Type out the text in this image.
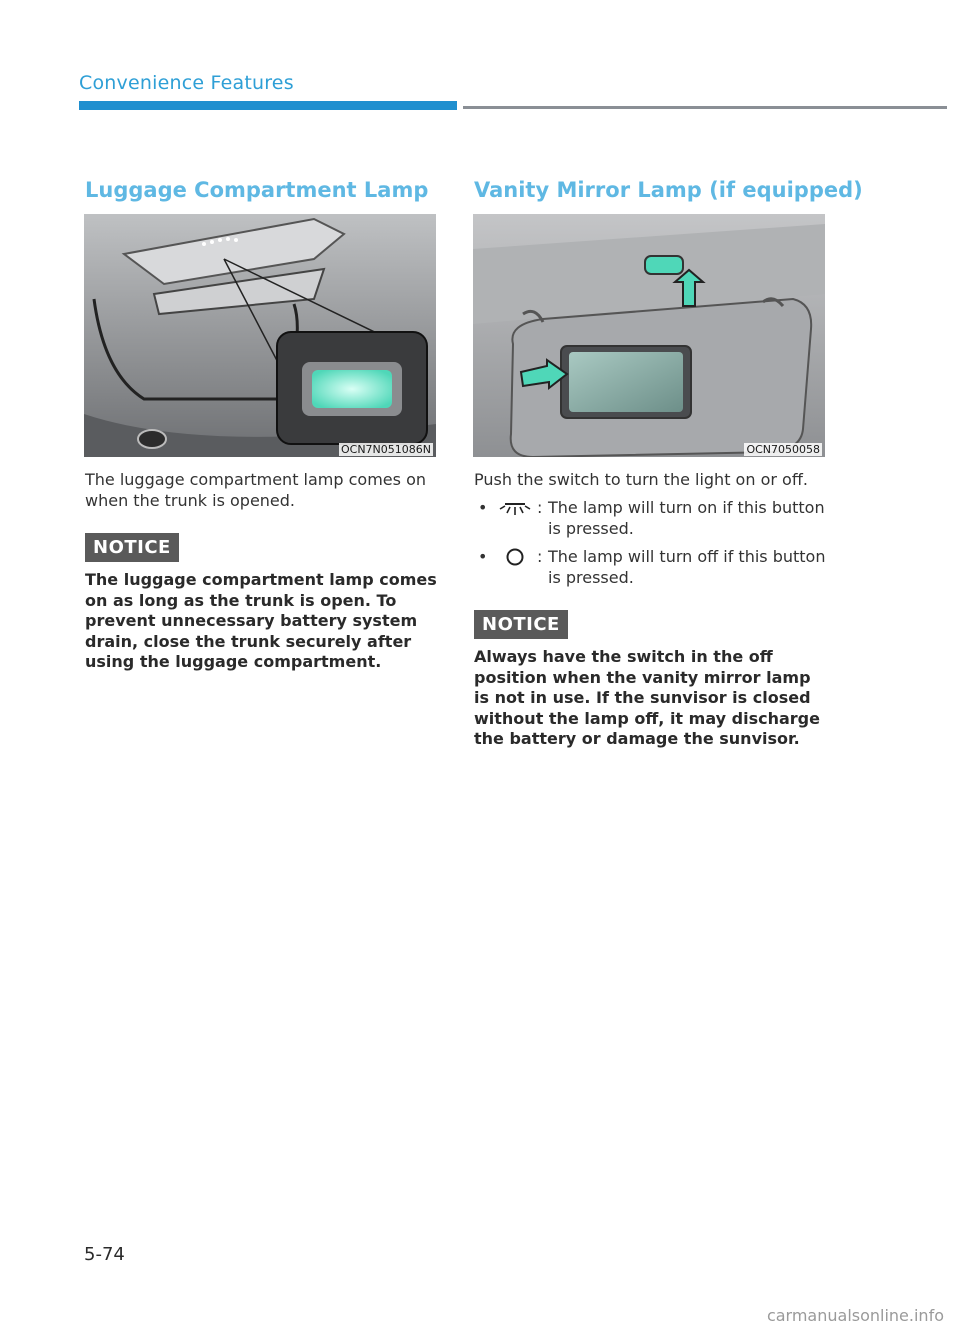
Convenience Features
Luggage Compartment Lamp
OCN7N051086N
The luggage compartment lamp comes on when the trunk is opened.
NOTICE
The luggage compartment lamp comes on as long as the trunk is open. To prevent unnecessary battery system drain, close the trunk securely after using the luggage compartment.
Vanity Mirror Lamp (if equipped)
OCN7050058
Push the switch to turn the light on or off.
•	: The lamp will turn on if this button is pressed.
•	: The lamp will turn off if this button is pressed.
NOTICE
Always have the switch in the off position when the vanity mirror lamp is not in use. If the sunvisor is closed without the lamp off, it may discharge the battery or damage the sunvisor.
5-74
carmanualsonline.info
